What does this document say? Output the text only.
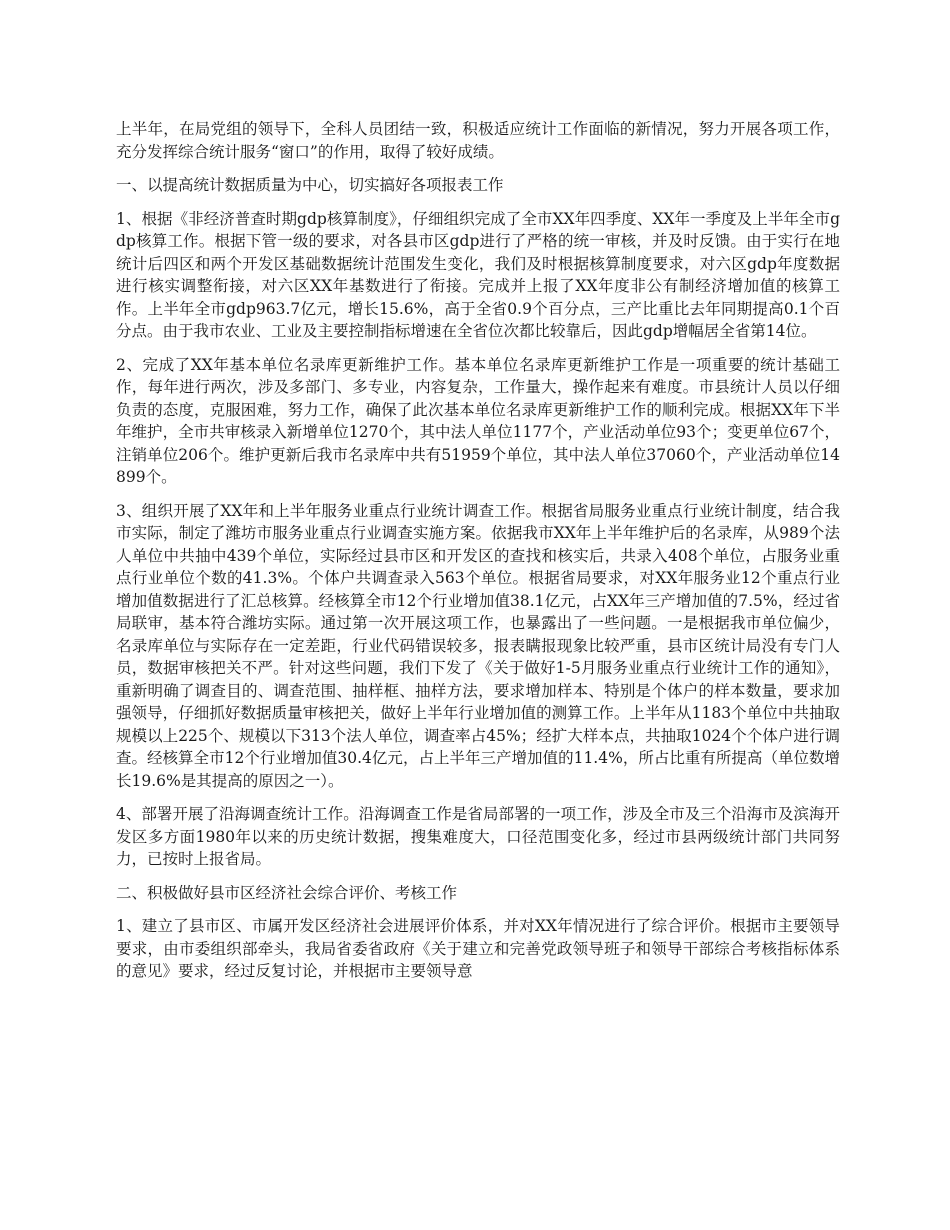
上半年，在局党组的领导下，全科人员团结一致，积极适应统计工作面临的新情况，努力开展各项工作，充分发挥综合统计服务“窗口”的作用，取得了较好成绩。

一、以提高统计数据质量为中心，切实搞好各项报表工作

1、根据《非经济普查时期gdp核算制度》，仔细组织完成了全市XX年四季度、XX年一季度及上半年全市gdp核算工作。根据下管一级的要求，对各县市区gdp进行了严格的统一审核，并及时反馈。由于实行在地统计后四区和两个开发区基础数据统计范围发生变化，我们及时根据核算制度要求，对六区gdp年度数据进行核实调整衔接，对六区XX年基数进行了衔接。完成并上报了XX年度非公有制经济增加值的核算工作。上半年全市gdp963.7亿元，增长15.6%，高于全省0.9个百分点，三产比重比去年同期提高0.1个百分点。由于我市农业、工业及主要控制指标增速在全省位次都比较靠后，因此gdp增幅居全省第14位。

2、完成了XX年基本单位名录库更新维护工作。基本单位名录库更新维护工作是一项重要的统计基础工作，每年进行两次，涉及多部门、多专业，内容复杂，工作量大，操作起来有难度。市县统计人员以仔细负责的态度，克服困难，努力工作，确保了此次基本单位名录库更新维护工作的顺利完成。根据XX年下半年维护，全市共审核录入新增单位1270个，其中法人单位1177个，产业活动单位93个；变更单位67个，注销单位206个。维护更新后我市名录库中共有51959个单位，其中法人单位37060个，产业活动单位14899个。

3、组织开展了XX年和上半年服务业重点行业统计调查工作。根据省局服务业重点行业统计制度，结合我市实际，制定了潍坊市服务业重点行业调查实施方案。依据我市XX年上半年维护后的名录库，从989个法人单位中共抽中439个单位，实际经过县市区和开发区的查找和核实后，共录入408个单位，占服务业重点行业单位个数的41.3%。个体户共调查录入563个单位。根据省局要求，对XX年服务业12个重点行业增加值数据进行了汇总核算。经核算全市12个行业增加值38.1亿元，占XX年三产增加值的7.5%，经过省局联审，基本符合潍坊实际。通过第一次开展这项工作，也暴露出了一些问题。一是根据我市单位偏少，名录库单位与实际存在一定差距，行业代码错误较多，报表瞒报现象比较严重，县市区统计局没有专门人员，数据审核把关不严。针对这些问题，我们下发了《关于做好1-5月服务业重点行业统计工作的通知》，重新明确了调查目的、调查范围、抽样框、抽样方法，要求增加样本、特别是个体户的样本数量，要求加强领导，仔细抓好数据质量审核把关，做好上半年行业增加值的测算工作。上半年从1183个单位中共抽取规模以上225个、规模以下313个法人单位，调查率占45%；经扩大样本点，共抽取1024个个体户进行调查。经核算全市12个行业增加值30.4亿元，占上半年三产增加值的11.4%，所占比重有所提高（单位数增长19.6%是其提高的原因之一）。

4、部署开展了沿海调查统计工作。沿海调查工作是省局部署的一项工作，涉及全市及三个沿海市及滨海开发区多方面1980年以来的历史统计数据，搜集难度大，口径范围变化多，经过市县两级统计部门共同努力，已按时上报省局。

二、积极做好县市区经济社会综合评价、考核工作

1、建立了县市区、市属开发区经济社会进展评价体系，并对XX年情况进行了综合评价。根据市主要领导要求，由市委组织部牵头，我局省委省政府《关于建立和完善党政领导班子和领导干部综合考核指标体系的意见》要求，经过反复讨论，并根据市主要领导意
